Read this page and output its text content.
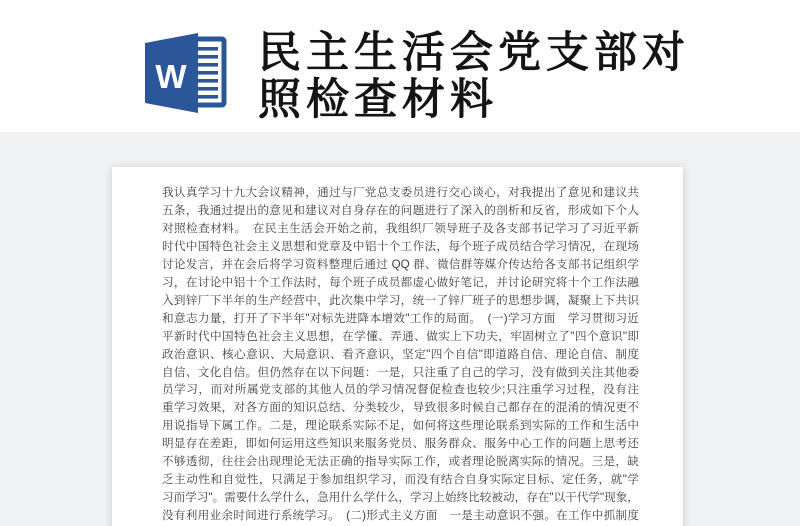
W 民主生活会党支部对照检查材料
我认真学习十九大会议精神，通过与厂党总支委员进行交心谈心，对我提出了意见和建议共
五条，我通过提出的意见和建议对自身存在的问题进行了深入的剖析和反省，形成如下个人
对照检查材料。　在民主生活会开始之前，我组织厂领导班子及各支部书记学习了习近平新
时代中国特色社会主义思想和党章及中铝十个工作法，每个班子成员结合学习情况，在现场
讨论发言，并在会后将学习资料整理后通过 QQ 群、微信群等媒介传达给各支部书记组织学
习，在讨论中铝十个工作法时，每个班子成员都虚心做好笔记，并讨论研究将十个工作法融
入到锌厂下半年的生产经营中，此次集中学习，统一了锌厂班子的思想步调，凝聚上下共识
和意志力量，打开了下半年"对标先进降本增效"工作的局面。　(一)学习方面　学习贯彻习近
平新时代中国特色社会主义思想，在学懂、弄通、做实上下功夫，牢固树立了"四个意识"即
政治意识、核心意识、大局意识、看齐意识，坚定"四个自信"即道路自信、理论自信、制度
自信、文化自信。但仍然存在以下问题：一是，只注重了自己的学习，没有做到关注其他委
员学习，而对所属党支部的其他人员的学习情况督促检查也较少;只注重学习过程，没有注
重学习效果，对各方面的知识总结、分类较少，导致很多时候自己都存在的混淆的情况更不
用说指导下属工作。二是，理论联系实际不足，如何将这些理论联系到实际的工作和生活中
明显存在差距，即如何运用这些知识来服务党员、服务群众、服务中心工作的问题上思考还
不够透彻，往往会出现理论无法正确的指导实际工作，或者理论脱离实际的情况。三是，缺
乏主动性和自觉性，只满足于参加组织学习，而没有结合自身实际定目标、定任务，就"学
习而学习"。需要什么学什么，急用什么学什么，学习上始终比较被动，存在"以干代学"现象，
没有利用业余时间进行系统学习。　(二)形式主义方面　一是主动意识不强。在工作中抓制度
